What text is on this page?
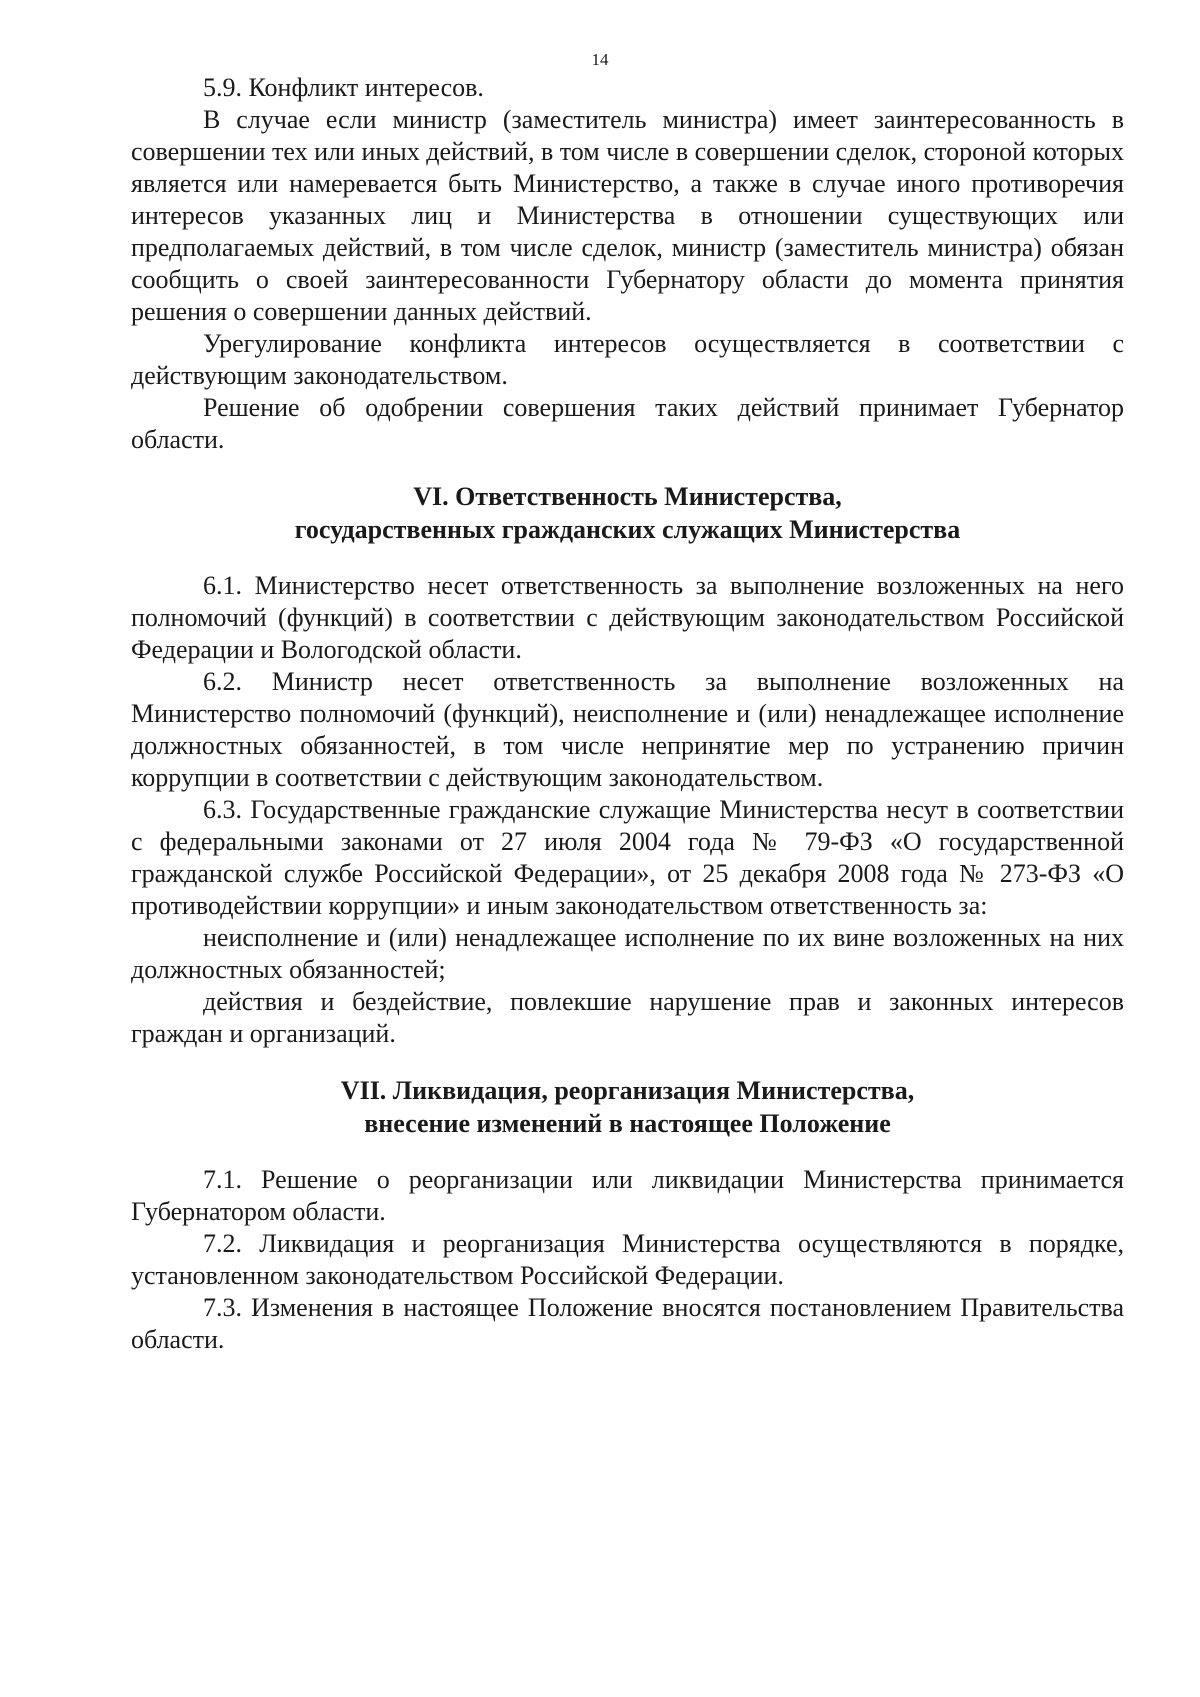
14

5.9. Конфликт интересов.

В случае если министр (заместитель министра) имеет заинтересованность в совершении тех или иных действий, в том числе в совершении сделок, стороной которых является или намеревается быть Министерство, а также в случае иного противоречия интересов указанных лиц и Министерства в отношении существующих или предполагаемых действий, в том числе сделок, министр (заместитель министра) обязан сообщить о своей заинтересованности Губернатору области до момента принятия решения о совершении данных действий.

Урегулирование конфликта интересов осуществляется в соответствии с действующим законодательством.

Решение об одобрении совершения таких действий принимает Губернатор области.

VI. Ответственность Министерства,
государственных гражданских служащих Министерства

6.1. Министерство несет ответственность за выполнение возложенных на него полномочий (функций) в соответствии с действующим законодательством Российской Федерации и Вологодской области.

6.2. Министр несет ответственность за выполнение возложенных на Министерство полномочий (функций), неисполнение и (или) ненадлежащее исполнение должностных обязанностей, в том числе непринятие мер по устранению причин коррупции в соответствии с действующим законодательством.

6.3. Государственные гражданские служащие Министерства несут в соответствии с федеральными законами от 27 июля 2004 года № 79-ФЗ «О государственной гражданской службе Российской Федерации», от 25 декабря 2008 года № 273-ФЗ «О противодействии коррупции» и иным законодательством ответственность за:

неисполнение и (или) ненадлежащее исполнение по их вине возложенных на них должностных обязанностей;

действия и бездействие, повлекшие нарушение прав и законных интересов граждан и организаций.

VII. Ликвидация, реорганизация Министерства,
внесение изменений в настоящее Положение

7.1. Решение о реорганизации или ликвидации Министерства принимается Губернатором области.

7.2. Ликвидация и реорганизация Министерства осуществляются в порядке, установленном законодательством Российской Федерации.

7.3. Изменения в настоящее Положение вносятся постановлением Правительства области.
